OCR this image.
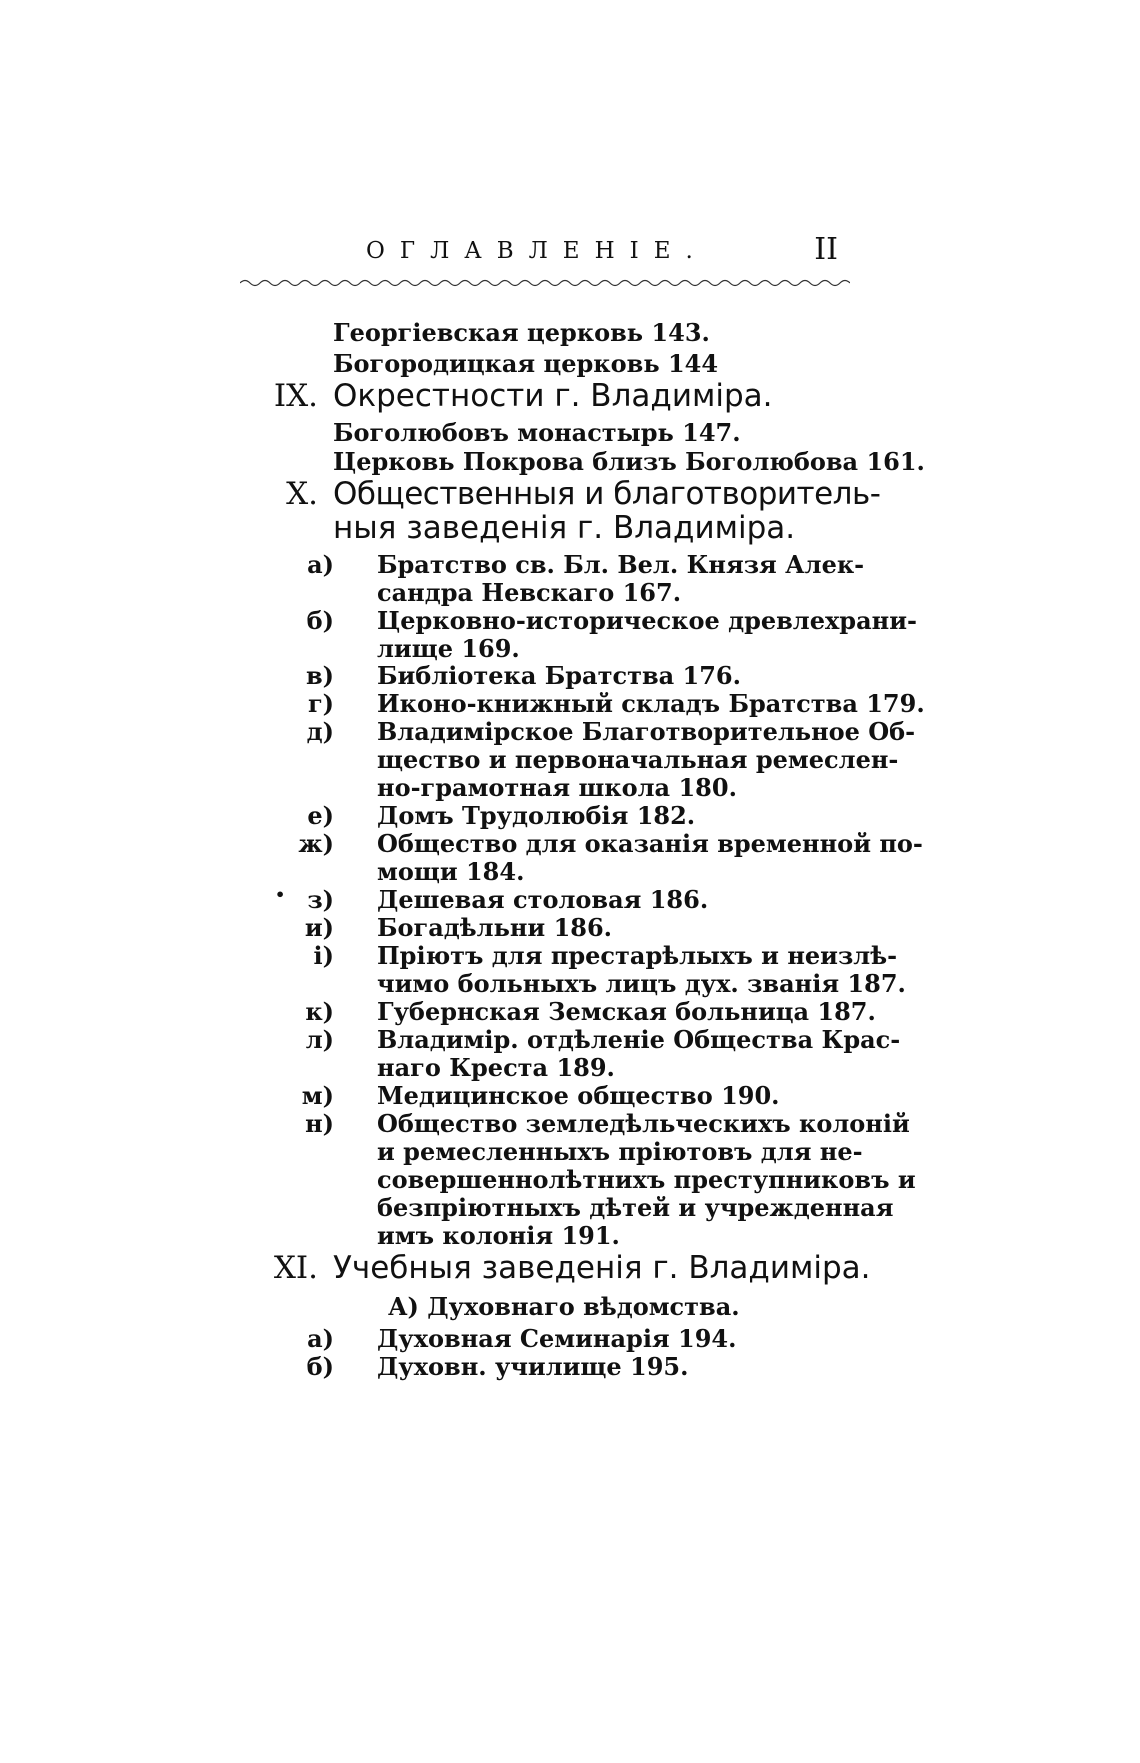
ОГЛАВЛЕНІЕ.	II
Георгіевская церковь 143.
Богородицкая церковь 144
IX. Окрестности г. Владиміра.
Боголюбовъ монастырь 147.
Церковь Покрова близъ Боголюбова 161.
X. Общественныя и благотворитель-
ныя заведенія г. Владиміра.
а) Братство св. Бл. Вел. Князя Алек-
сандра Невскаго 167.
б) Церковно-историческое древлехрани-
лище 169.
в) Библіотека Братства 176.
г) Иконо-книжный складъ Братства 179.
д) Владимірское Благотворительное Об-
щество и первоначальная ремеслен-
но-грамотная школа 180.
е) Домъ Трудолюбія 182.
ж) Общество для оказанія временной по-
мощи 184.
• з) Дешевая столовая 186.
и) Богадѣльни 186.
і) Пріютъ для престарѣлыхъ и неизлѣ-
чимо больныхъ лицъ дух. званія 187.
к) Губернская Земская больница 187.
л) Владимір. отдѣленіе Общества Крас-
наго Креста 189.
м) Медицинское общество 190.
н) Общество земледѣльческихъ колоній
и ремесленныхъ пріютовъ для не-
совершеннолѣтнихъ преступниковъ и
безпріютныхъ дѣтей и учрежденная
имъ колонія 191.
XI. Учебныя заведенія г. Владиміра.
А) Духовнаго вѣдомства.
а) Духовная Семинарія 194.
б) Духовн. училище 195.
